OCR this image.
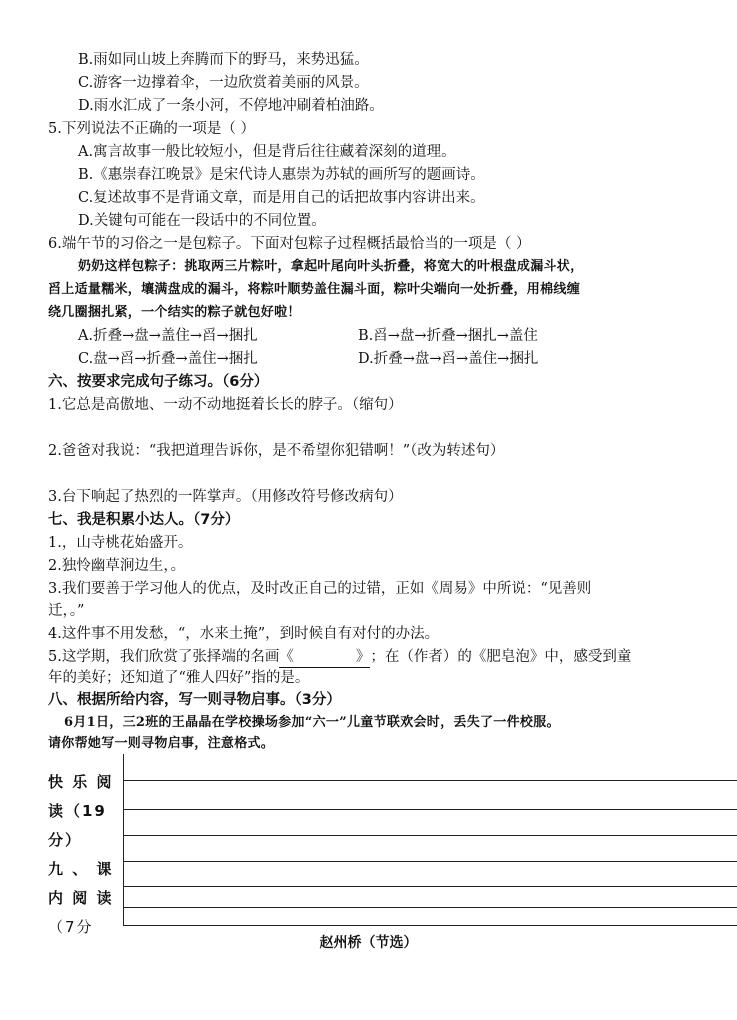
B.雨如同山坡上奔腾而下的野马，来势迅猛。
C.游客一边撑着伞，一边欣赏着美丽的风景。
D.雨水汇成了一条小河，不停地冲刷着柏油路。
5.下列说法不正确的一项是（ ）
A.寓言故事一般比较短小，但是背后往往藏着深刻的道理。
B.《惠崇春江晚景》是宋代诗人惠崇为苏轼的画所写的题画诗。
C.复述故事不是背诵文章，而是用自己的话把故事内容讲出来。
D.关键句可能在一段话中的不同位置。
6.端午节的习俗之一是包粽子。下面对包粽子过程概括最恰当的一项是（ ）
奶奶这样包粽子：挑取两三片粽叶，拿起叶尾向叶头折叠，将宽大的叶根盘成漏斗状，
舀上适量糯米，壤满盘成的漏斗，将粽叶顺势盖住漏斗面，粽叶尖端向一处折叠，用棉线缠
绕几圈捆扎紧，一个结实的粽子就包好啦！
A.折叠→盘→盖住→舀→捆扎	B.舀→盘→折叠→捆扎→盖住
C.盘→舀→折叠→盖住→捆扎	D.折叠→盘→舀→盖住→捆扎
六、按要求完成句子练习。（6分）
1.它总是高傲地、一动不动地挺着长长的脖子。（缩句）
2.爸爸对我说：“我把道理告诉你，是不希望你犯错啊！”（改为转述句）
3.台下响起了热烈的一阵掌声。（用修改符号修改病句）
七、我是积累小达人。（7分）
1.，山寺桃花始盛开。
2.独怜幽草涧边生，。
3.我们要善于学习他人的优点，及时改正自己的过错，正如《周易》中所说：“见善则
迁，。”
4.这件事不用发愁，“，水来土掩”，到时候自有对付的办法。
5.这学期，我们欣赏了张择端的名画《	》；在（作者）的《肥皂泡》中，感受到童
年的美好；还知道了“雅人四好”指的是。
八、根据所给内容，写一则寻物启事。（3分）
6月1日，三2班的王晶晶在学校操场参加“六一”儿童节联欢会时，丢失了一件校服。
请你帮她写一则寻物启事，注意格式。
快 乐 阅
读（19
分）
九 、 课
内 阅 读
（7分
赵州桥（节选）
